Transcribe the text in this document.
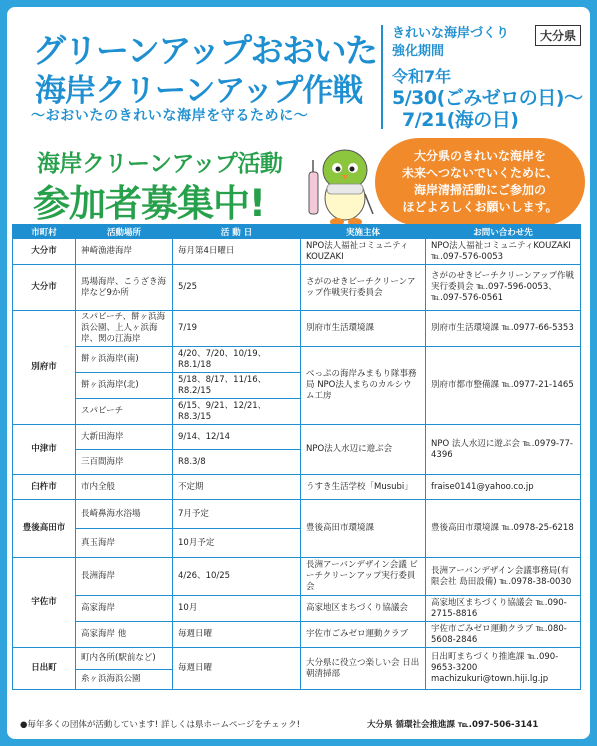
グリーンアップおおいた
海岸クリーンアップ作戦
〜おおいたのきれいな海岸を守るために〜
きれいな海岸づくり
強化期間
大分県
令和7年
5/30(ごみゼロの日)〜
7/21(海の日)
海岸クリーンアップ活動
参加者募集中!
大分県のきれいな海岸を
未来へつないでいくために、
海岸清掃活動にご参加の
ほどよろしくお願いします。
市町村	活動場所	活 動 日	実施主体	お問い合わせ先
大分市	神崎漁港海岸	毎月第4日曜日	NPO法人福祉コミュニティKOUZAKI	NPO法人福祉コミュニティKOUZAKI ℡.097-576-0053
大分市	馬場海岸、こうざき海岸など9か所	5/25	さがのせきビーチクリーンアップ作戦実行委員会	さがのせきビーチクリーンアップ作戦実行委員会 ℡.097-596-0053、℡.097-576-0561
別府市	スパビーチ、餅ヶ浜海浜公園、上人ヶ浜海岸、関の江海岸	7/19	別府市生活環境課	別府市生活環境課 ℡.0977-66-5353
	餅ヶ浜海岸(南)	4/20、7/20、10/19、R8.1/18	べっぷの海岸みまもり隊事務局 NPO法人まちのカルシウム工房	別府市都市整備課 ℡.0977-21-1465
	餅ヶ浜海岸(北)	5/18、8/17、11/16、R8.2/15		
	スパビーチ	6/15、9/21、12/21、R8.3/15		
中津市	大新田海岸	9/14、12/14	NPO法人水辺に遊ぶ会	NPO 法人水辺に遊ぶ会 ℡.0979-77-4396
	三百間海岸	R8.3/8		
臼杵市	市内全般	不定期	うすき生活学校「Musubi」	fraise0141@yahoo.co.jp
豊後高田市	長崎鼻海水浴場	7月予定	豊後高田市環境課	豊後高田市環境課 ℡.0978-25-6218
	真玉海岸	10月予定		
宇佐市	長洲海岸	4/26、10/25	長洲アーバンデザイン会議 ビーチクリーンアップ実行委員会	長洲アーバンデザイン会議事務局(有限会社 島田設備) ℡.0978-38-0030
	高家海岸	10月	高家地区まちづくり協議会	高家地区まちづくり協議会 ℡.090-2715-8816
	高家海岸 他	毎週日曜	宇佐市ごみゼロ運動クラブ	宇佐市ごみゼロ運動クラブ ℡.080-5608-2846
日出町	町内各所(駅前など)	毎週日曜	大分県に役立つ楽しい会 日出朝清掃部	日出町まちづくり推進課 ℡.090-9653-3200 machizukuri@town.hiji.lg.jp
	糸ヶ浜海浜公園			
●毎年多くの団体が活動しています! 詳しくは県ホームページをチェック!	大分県 循環社会推進課 ℡.097-506-3141
